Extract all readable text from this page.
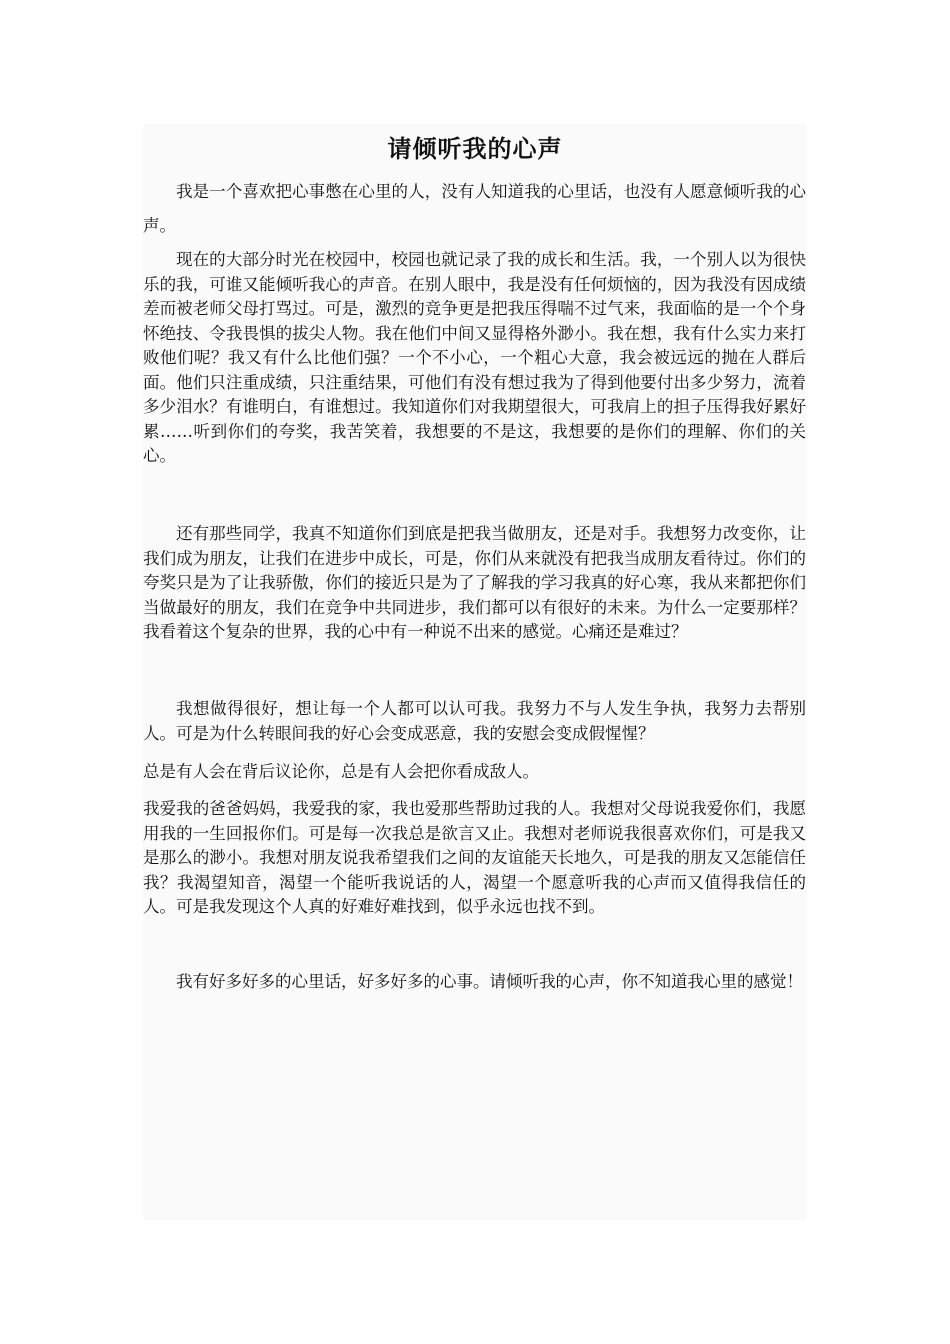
请倾听我的心声

我是一个喜欢把心事憋在心里的人，没有人知道我的心里话，也没有人愿意倾听我的心声。

现在的大部分时光在校园中，校园也就记录了我的成长和生活。我，一个别人以为很快乐的我，可谁又能倾听我心的声音。在别人眼中，我是没有任何烦恼的，因为我没有因成绩差而被老师父母打骂过。可是，激烈的竞争更是把我压得喘不过气来，我面临的是一个个身怀绝技、令我畏惧的拔尖人物。我在他们中间又显得格外渺小。我在想，我有什么实力来打败他们呢？我又有什么比他们强？一个不小心，一个粗心大意，我会被远远的抛在人群后面。他们只注重成绩，只注重结果，可他们有没有想过我为了得到他要付出多少努力，流着多少泪水？有谁明白，有谁想过。我知道你们对我期望很大，可我肩上的担子压得我好累好累……听到你们的夸奖，我苦笑着，我想要的不是这，我想要的是你们的理解、你们的关心。

还有那些同学，我真不知道你们到底是把我当做朋友，还是对手。我想努力改变你，让我们成为朋友，让我们在进步中成长，可是，你们从来就没有把我当成朋友看待过。你们的夸奖只是为了让我骄傲，你们的接近只是为了了解我的学习我真的好心寒，我从来都把你们当做最好的朋友，我们在竞争中共同进步，我们都可以有很好的未来。为什么一定要那样？我看着这个复杂的世界，我的心中有一种说不出来的感觉。心痛还是难过？

我想做得很好，想让每一个人都可以认可我。我努力不与人发生争执，我努力去帮别人。可是为什么转眼间我的好心会变成恶意，我的安慰会变成假惺惺？

总是有人会在背后议论你，总是有人会把你看成敌人。

我爱我的爸爸妈妈，我爱我的家，我也爱那些帮助过我的人。我想对父母说我爱你们，我愿用我的一生回报你们。可是每一次我总是欲言又止。我想对老师说我很喜欢你们，可是我又是那么的渺小。我想对朋友说我希望我们之间的友谊能天长地久，可是我的朋友又怎能信任我？我渴望知音，渴望一个能听我说话的人，渴望一个愿意听我的心声而又值得我信任的人。可是我发现这个人真的好难好难找到，似乎永远也找不到。

我有好多好多的心里话，好多好多的心事。请倾听我的心声，你不知道我心里的感觉！
